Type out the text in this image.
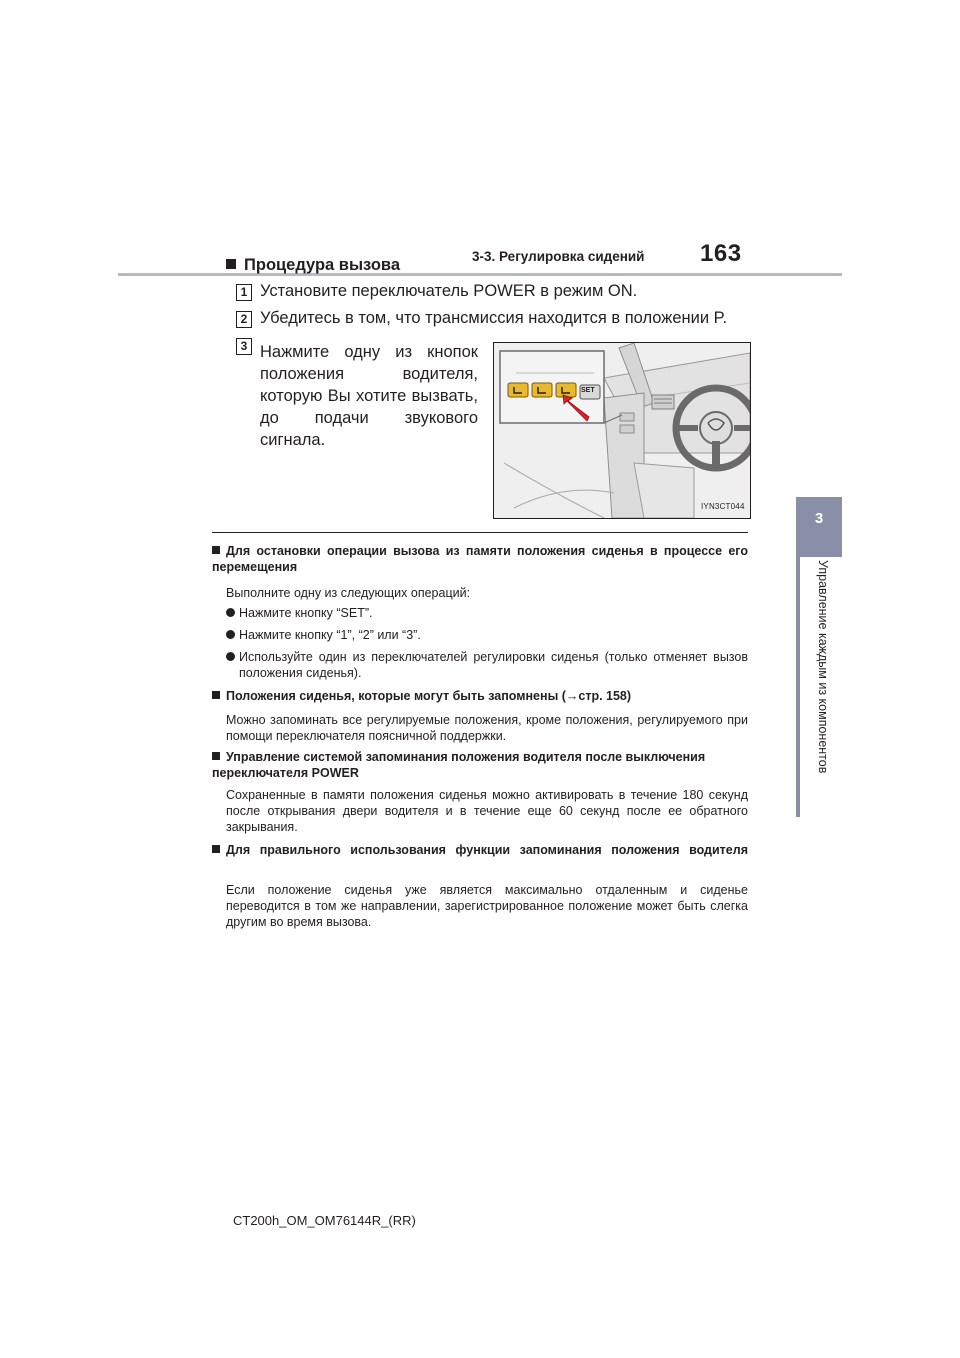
3-3. Регулировка сидений 163
3
Управление каждым из компонентов
Процедура вызова
1 Установите переключатель POWER в режим ON.
2 Убедитесь в том, что трансмиссия находится в положении P.
3 Нажмите одну из кнопок положения водителя, которую Вы хотите вызвать, до подачи звукового сигнала.
SET
IYN3CT044
Для остановки операции вызова из памяти положения сиденья в процессе его перемещения
Выполните одну из следующих операций:
Нажмите кнопку “SET”.
Нажмите кнопку “1”, “2” или “3”.
Используйте один из переключателей регулировки сиденья (только отменяет вызов положения сиденья).
Положения сиденья, которые могут быть запомнены (→стр. 158)
Можно запоминать все регулируемые положения, кроме положения, регулируемого при помощи переключателя поясничной поддержки.
Управление системой запоминания положения водителя после выключения переключателя POWER
Сохраненные в памяти положения сиденья можно активировать в течение 180 секунд после открывания двери водителя и в течение еще 60 секунд после ее обратного закрывания.
Для правильного использования функции запоминания положения водителя
Если положение сиденья уже является максимально отдаленным и сиденье переводится в том же направлении, зарегистрированное положение может быть слегка другим во время вызова.
CT200h_OM_OM76144R_(RR)
